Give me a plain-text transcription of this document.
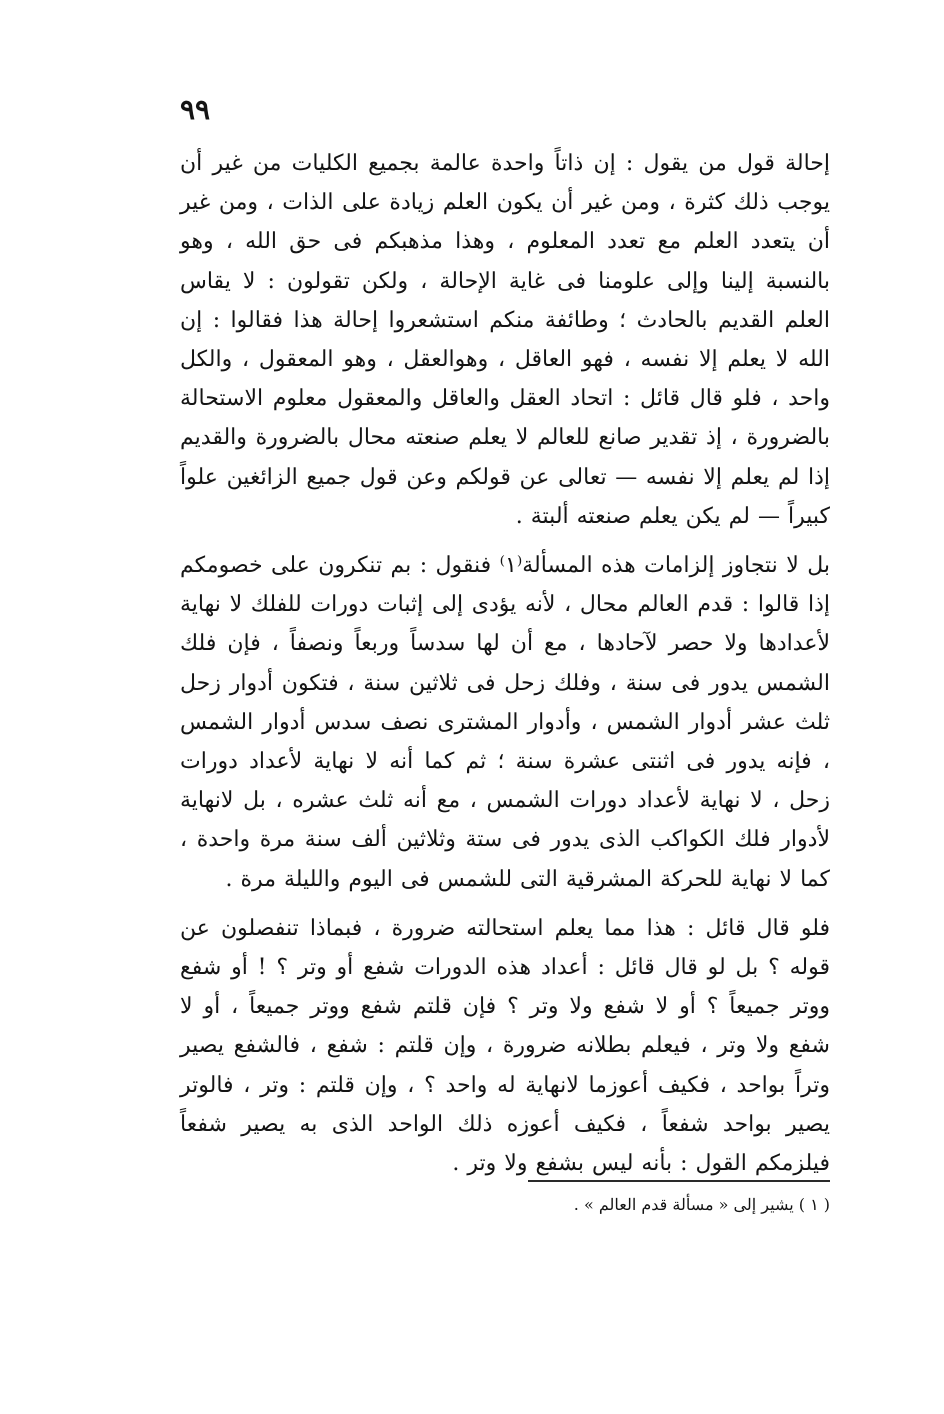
٩٩

إحالة قول من يقول : إن ذاتاً واحدة عالمة بجميع الكليات من غير أن يوجب ذلك كثرة ، ومن غير أن يكون العلم زيادة على الذات ، ومن غير أن يتعدد العلم مع تعدد المعلوم ، وهذا مذهبكم فى حق الله ، وهو بالنسبة إلينا وإلى علومنا فى غاية الإحالة ، ولكن تقولون : لا يقاس العلم القديم بالحادث ؛ وطائفة منكم استشعروا إحالة هذا فقالوا : إن الله لا يعلم إلا نفسه ، فهو العاقل ، وهوالعقل ، وهو المعقول ، والكل واحد ، فلو قال قائل : اتحاد العقل والعاقل والمعقول معلوم الاستحالة بالضرورة ، إذ تقدير صانع للعالم لا يعلم صنعته محال بالضرورة والقديم إذا لم يعلم إلا نفسه — تعالى عن قولكم وعن قول جميع الزائغين علواً كبيراً — لم يكن يعلم صنعته ألبتة .

بل لا نتجاوز إلزامات هذه المسألة⁽١⁾ فنقول : بم تنكرون على خصومكم إذا قالوا : قدم العالم محال ، لأنه يؤدى إلى إثبات دورات للفلك لا نهاية لأعدادها ولا حصر لآحادها ، مع أن لها سدساً وربعاً ونصفاً ، فإن فلك الشمس يدور فى سنة ، وفلك زحل فى ثلاثين سنة ، فتكون أدوار زحل ثلث عشر أدوار الشمس ، وأدوار المشترى نصف سدس أدوار الشمس ، فإنه يدور فى اثنتى عشرة سنة ؛ ثم كما أنه لا نهاية لأعداد دورات زحل ، لا نهاية لأعداد دورات الشمس ، مع أنه ثلث عشره ، بل لانهاية لأدوار فلك الكواكب الذى يدور فى ستة وثلاثين ألف سنة مرة واحدة ، كما لا نهاية للحركة المشرقية التى للشمس فى اليوم والليلة مرة .

فلو قال قائل : هذا مما يعلم استحالته ضرورة ، فبماذا تنفصلون عن قوله ؟ بل لو قال قائل : أعداد هذه الدورات شفع أو وتر ؟ ! أو شفع ووتر جميعاً ؟ أو لا شفع ولا وتر ؟ فإن قلتم شفع ووتر جميعاً ، أو لا شفع ولا وتر ، فيعلم بطلانه ضرورة ، وإن قلتم : شفع ، فالشفع يصير وتراً بواحد ، فكيف أعوزما لانهاية له واحد ؟ ، وإن قلتم : وتر ، فالوتر يصير بواحد شفعاً ، فكيف أعوزه ذلك الواحد الذى به يصير شفعاً فيلزمكم القول : بأنه ليس بشفع ولا وتر .

( ١ ) يشير إلى « مسألة قدم العالم » .
